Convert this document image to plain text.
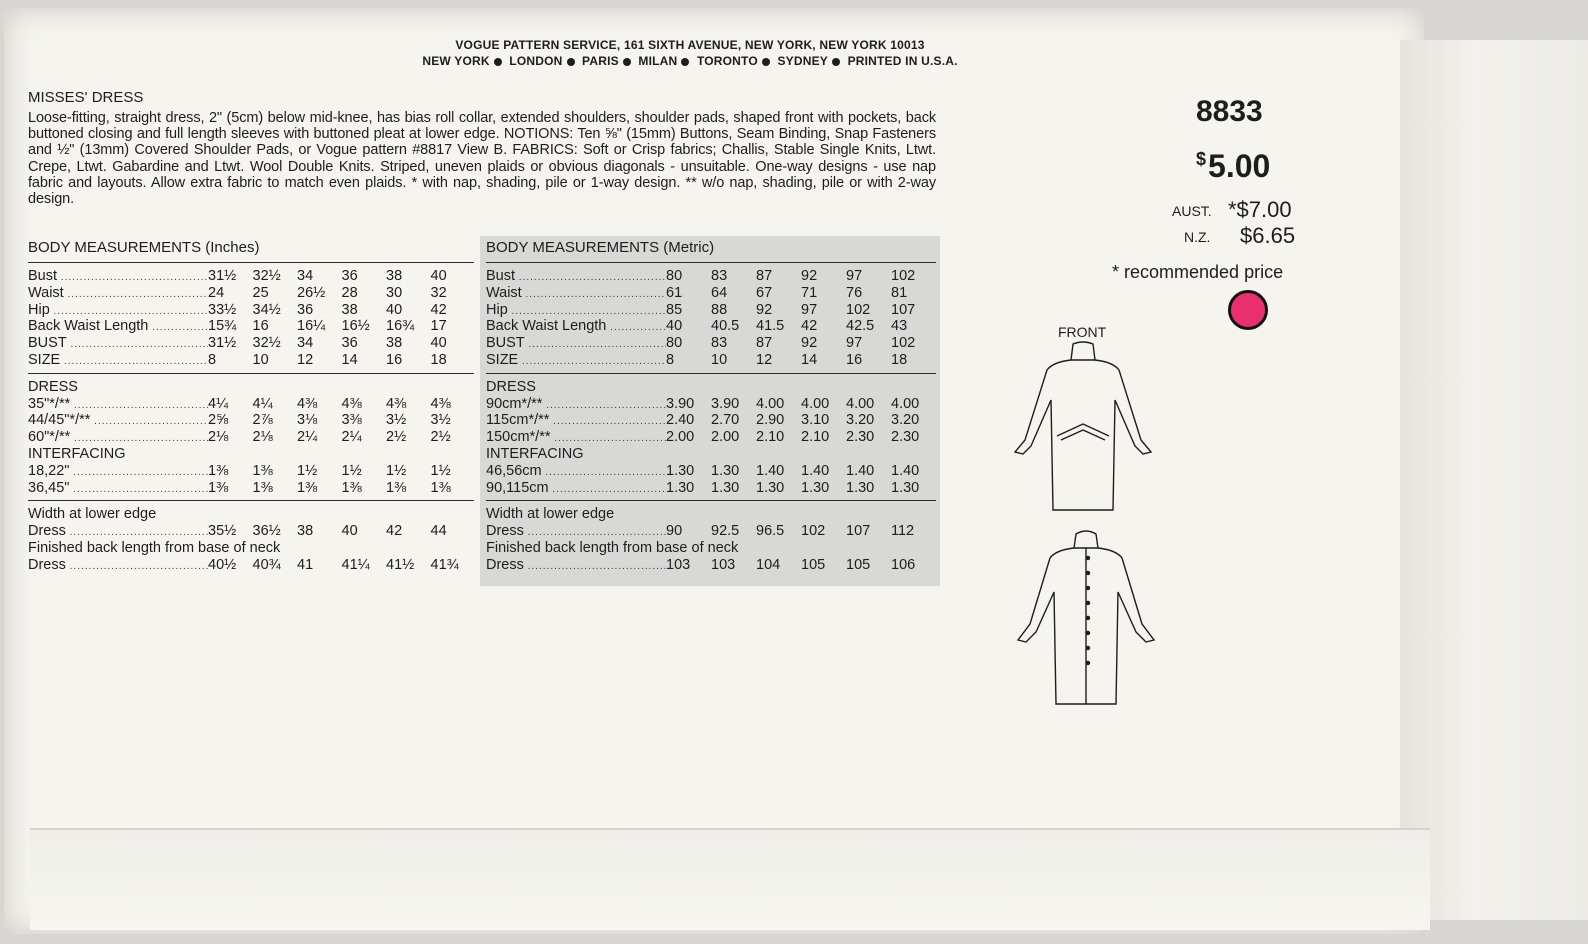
VOGUE PATTERN SERVICE, 161 SIXTH AVENUE, NEW YORK, NEW YORK 10013
NEW YORK LONDON PARIS MILAN TORONTO SYDNEY PRINTED IN U.S.A.
MISSES' DRESS
Loose-fitting, straight dress, 2" (5cm) below mid-knee, has bias roll collar, extended shoulders, shoulder pads, shaped front with pockets, back buttoned closing and full length sleeves with buttoned pleat at lower edge. NOTIONS: Ten ⅝" (15mm) Buttons, Seam Binding, Snap Fasteners and ½" (13mm) Covered Shoulder Pads, or Vogue pattern #8817 View B. FABRICS: Soft or Crisp fabrics; Challis, Stable Single Knits, Ltwt. Crepe, Ltwt. Gabardine and Ltwt. Wool Double Knits. Striped, uneven plaids or obvious diagonals - unsuitable. One-way designs - use nap fabric and layouts. Allow extra fabric to match even plaids. * with nap, shading, pile or 1-way design. ** w/o nap, shading, pile or with 2-way design.
8833
$5.00
AUST. *$7.00
N.Z. $6.65
* recommended price
FRONT
BODY MEASUREMENTS (Inches)
Bust .....	31½	32½	34	36	38	40
Waist .....	24	25	26½	28	30	32
Hip .....	33½	34½	36	38	40	42
Back Waist Length .....	15¾	16	16¼	16½	16¾	17
BUST .....	31½	32½	34	36	38	40
SIZE .....	8	10	12	14	16	18
DRESS
35"*/** .....	4¼	4¼	4⅜	4⅜	4⅜	4⅜
44/45"*/** .....	2⅝	2⅞	3⅛	3⅜	3½	3½
60"*/** .....	2⅛	2⅛	2¼	2¼	2½	2½
INTERFACING
18,22" .....	1⅜	1⅜	1½	1½	1½	1½
36,45" .....	1⅜	1⅜	1⅜	1⅜	1⅜	1⅜
Width at lower edge
Dress .....	35½	36½	38	40	42	44
Finished back length from base of neck
Dress .....	40½	40¾	41	41¼	41½	41¾
BODY MEASUREMENTS (Metric)
Bust .....	80	83	87	92	97	102
Waist .....	61	64	67	71	76	81
Hip .....	85	88	92	97	102	107
Back Waist Length .....	40	40.5	41.5	42	42.5	43
BUST .....	80	83	87	92	97	102
SIZE .....	8	10	12	14	16	18
DRESS
90cm*/** .....	3.90	3.90	4.00	4.00	4.00	4.00
115cm*/** .....	2.40	2.70	2.90	3.10	3.20	3.20
150cm*/** .....	2.00	2.00	2.10	2.10	2.30	2.30
INTERFACING
46,56cm .....	1.30	1.30	1.40	1.40	1.40	1.40
90,115cm .....	1.30	1.30	1.30	1.30	1.30	1.30
Width at lower edge
Dress .....	90	92.5	96.5	102	107	112
Finished back length from base of neck
Dress .....	103	103	104	105	105	106
